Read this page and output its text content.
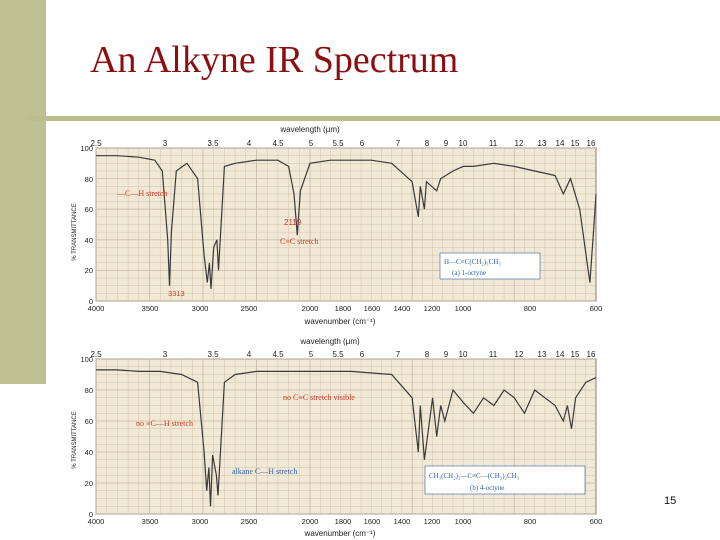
An Alkyne IR Spectrum
wavelength (μm)
2.5	3	3.5	4	4.5	5 5.5 6	7	8 9 10	11 12 13 14 15 16
4000	3500	3000	2500	2000 1800 1600 1400 1200 1000	800	600
wavenumber (cm⁻¹)
0
20
40
60
80
100
% TRANSMITTANCE
—C—H stretch
3313
2119
C≡C stretch
H—C≡C(CH₂)₅CH₃
(a) 1-octyne
wavelength (μm)
2.5	3	3.5	4	4.5	5 5.5 6	7	8 9 10	11 12 13 14 15 16
4000	3500	3000	2500	2000 1800 1600 1400 1200 1000	800	600
wavenumber (cm⁻¹)
0
20
40
60
80
100
% TRANSMITTANCE	no ≡C—H stretch
no C≡C stretch visible
alkane C—H stretch	CH₃(CH₂)₂—C≡C—(CH₂)₂CH₃
(b) 4-octyne
15
